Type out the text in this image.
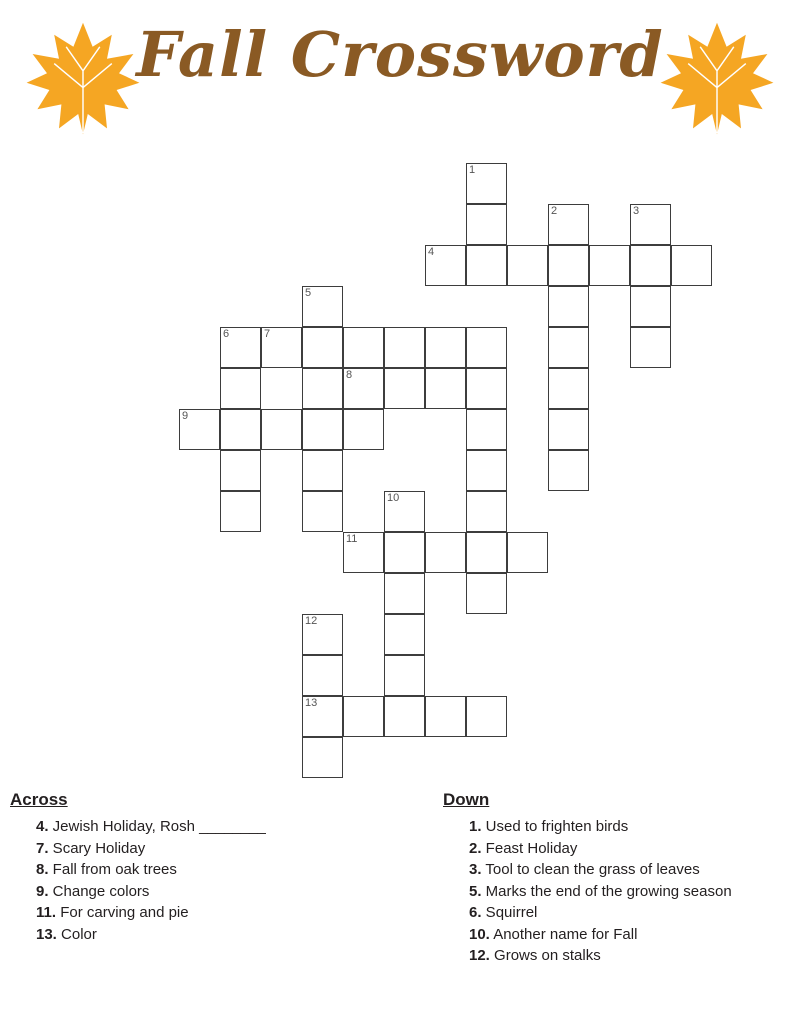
Fall Crossword
1
2	3
4
5
6	7
8
9
10
11
12
13
Across
4. Jewish Holiday, Rosh ________
7. Scary Holiday
8. Fall from oak trees
9. Change colors
11. For carving and pie
13. Color
Down
1. Used to frighten birds
2. Feast Holiday
3. Tool to clean the grass of leaves
5. Marks the end of the growing season
6. Squirrel
10. Another name for Fall
12. Grows on stalks
